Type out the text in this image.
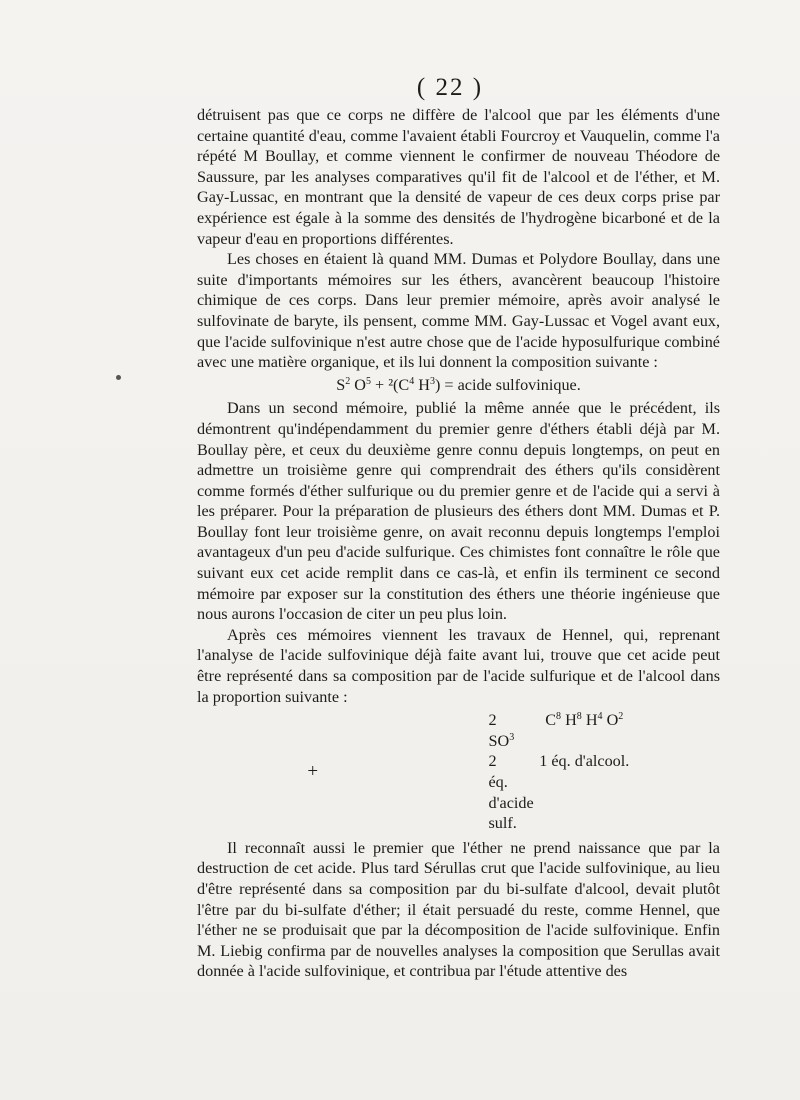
( 22 )

détruisent pas que ce corps ne diffère de l'alcool que par les éléments d'une certaine quantité d'eau, comme l'avaient établi Fourcroy et Vauquelin, comme l'a répété M Boullay, et comme viennent le confirmer de nouveau Théodore de Saussure, par les analyses comparatives qu'il fit de l'alcool et de l'éther, et M. Gay-Lussac, en montrant que la densité de vapeur de ces deux corps prise par expérience est égale à la somme des densités de l'hydrogène bicarboné et de la vapeur d'eau en proportions différentes.

Les choses en étaient là quand MM. Dumas et Polydore Boullay, dans une suite d'importants mémoires sur les éthers, avancèrent beaucoup l'histoire chimique de ces corps. Dans leur premier mémoire, après avoir analysé le sulfovinate de baryte, ils pensent, comme MM. Gay-Lussac et Vogel avant eux, que l'acide sulfovinique n'est autre chose que de l'acide hyposulfurique combiné avec une matière organique, et ils lui donnent la composition suivante :

$S^2$ $O^5 + ^2(C^4$ $H^3$) = acide sulfovinique.

Dans un second mémoire, publié la même année que le précédent, ils démontrent qu'indépendamment du premier genre d'éthers établi déjà par M. Boullay père, et ceux du deuxième genre connu depuis longtemps, on peut en admettre un troisième genre qui comprendrait des éthers qu'ils considèrent comme formés d'éther sulfurique ou du premier genre et de l'acide qui a servi à les préparer. Pour la préparation de plusieurs des éthers dont MM. Dumas et P. Boullay font leur troisième genre, on avait reconnu depuis longtemps l'emploi avantageux d'un peu d'acide sulfurique. Ces chimistes font connaître le rôle que suivant eux cet acide remplit dans ce cas-là, et enfin ils terminent ce second mémoire par exposer sur la constitution des éthers une théorie ingénieuse que nous aurons l'occasion de citer un peu plus loin.

Après ces mémoires viennent les travaux de Hennel, qui, reprenant l'analyse de l'acide sulfovinique déjà faite avant lui, trouve que cet acide peut être représenté dans sa composition par de l'acide sulfurique et de l'alcool dans la proportion suivante :

2 $SO^3$
+
$C^8$ $H^8$ $H^4$ $O^2$
2 éq. d'acide sulf.
1 éq. d'alcool.

Il reconnaît aussi le premier que l'éther ne prend naissance que par la destruction de cet acide. Plus tard Sérullas crut que l'acide sulfovinique, au lieu d'être représenté dans sa composition par du bi-sulfate d'alcool, devait plutôt l'être par du bi-sulfate d'éther; il était persuadé du reste, comme Hennel, que l'éther ne se produisait que par la décomposition de l'acide sulfovinique. Enfin M. Liebig confirma par de nouvelles analyses la composition que Serullas avait donnée à l'acide sulfovinique, et contribua par l'étude attentive des
